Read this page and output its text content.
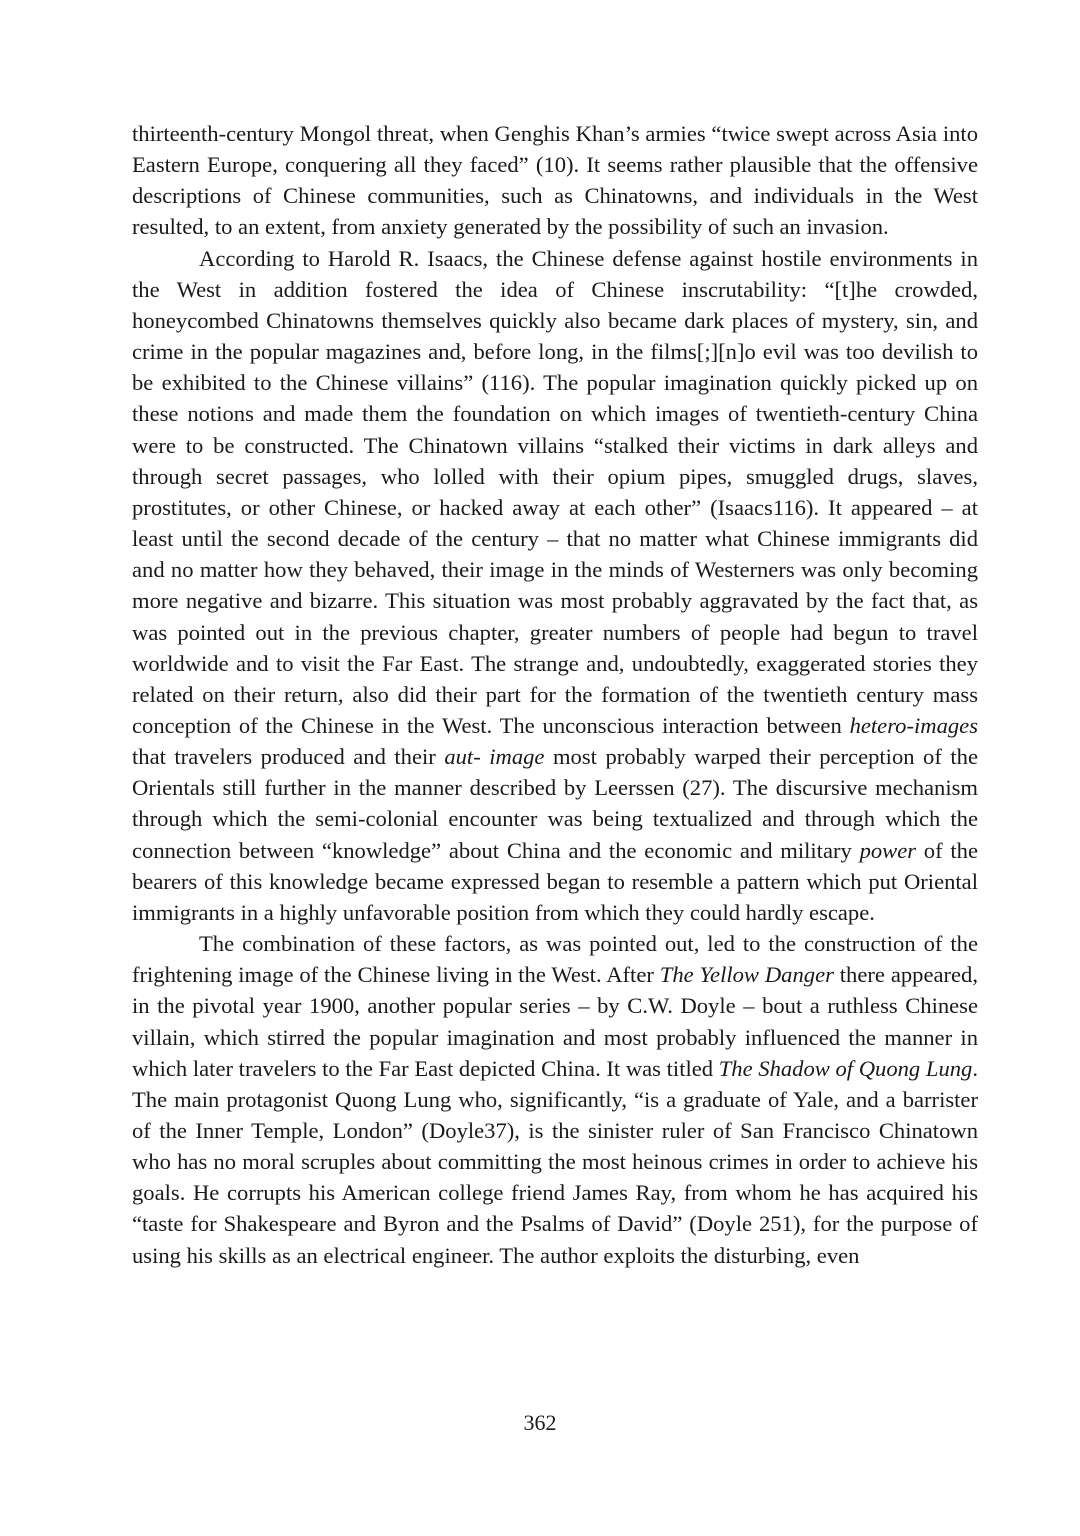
thirteenth-century Mongol threat, when Genghis Khan’s armies “twice swept across Asia into Eastern Europe, conquering all they faced” (10). It seems rather plausible that the offensive descriptions of Chinese communities, such as Chinatowns, and individuals in the West resulted, to an extent, from anxiety generated by the possibility of such an invasion.

According to Harold R. Isaacs, the Chinese defense against hostile environments in the West in addition fostered the idea of Chinese inscrutability: “[t]he crowded, honeycombed Chinatowns themselves quickly also became dark places of mystery, sin, and crime in the popular magazines and, before long, in the films[;][n]o evil was too devilish to be exhibited to the Chinese villains” (116). The popular imagination quickly picked up on these notions and made them the foundation on which images of twentieth-century China were to be constructed. The Chinatown villains “stalked their victims in dark alleys and through secret passages, who lolled with their opium pipes, smuggled drugs, slaves, prostitutes, or other Chinese, or hacked away at each other” (Isaacs116). It appeared – at least until the second decade of the century – that no matter what Chinese immigrants did and no matter how they behaved, their image in the minds of Westerners was only becoming more negative and bizarre. This situation was most probably aggravated by the fact that, as was pointed out in the previous chapter, greater numbers of people had begun to travel worldwide and to visit the Far East. The strange and, undoubtedly, exaggerated stories they related on their return, also did their part for the formation of the twentieth century mass conception of the Chinese in the West. The unconscious interaction between hetero-images that travelers produced and their aut- image most probably warped their perception of the Orientals still further in the manner described by Leerssen (27). The discursive mechanism through which the semi-colonial encounter was being textualized and through which the connection between “knowledge” about China and the economic and military power of the bearers of this knowledge became expressed began to resemble a pattern which put Oriental immigrants in a highly unfavorable position from which they could hardly escape.

The combination of these factors, as was pointed out, led to the construction of the frightening image of the Chinese living in the West. After The Yellow Danger there appeared, in the pivotal year 1900, another popular series – by C.W. Doyle – bout a ruthless Chinese villain, which stirred the popular imagination and most probably influenced the manner in which later travelers to the Far East depicted China. It was titled The Shadow of Quong Lung. The main protagonist Quong Lung who, significantly, “is a graduate of Yale, and a barrister of the Inner Temple, London” (Doyle37), is the sinister ruler of San Francisco Chinatown who has no moral scruples about committing the most heinous crimes in order to achieve his goals. He corrupts his American college friend James Ray, from whom he has acquired his “taste for Shakespeare and Byron and the Psalms of David” (Doyle 251), for the purpose of using his skills as an electrical engineer. The author exploits the disturbing, even

362
